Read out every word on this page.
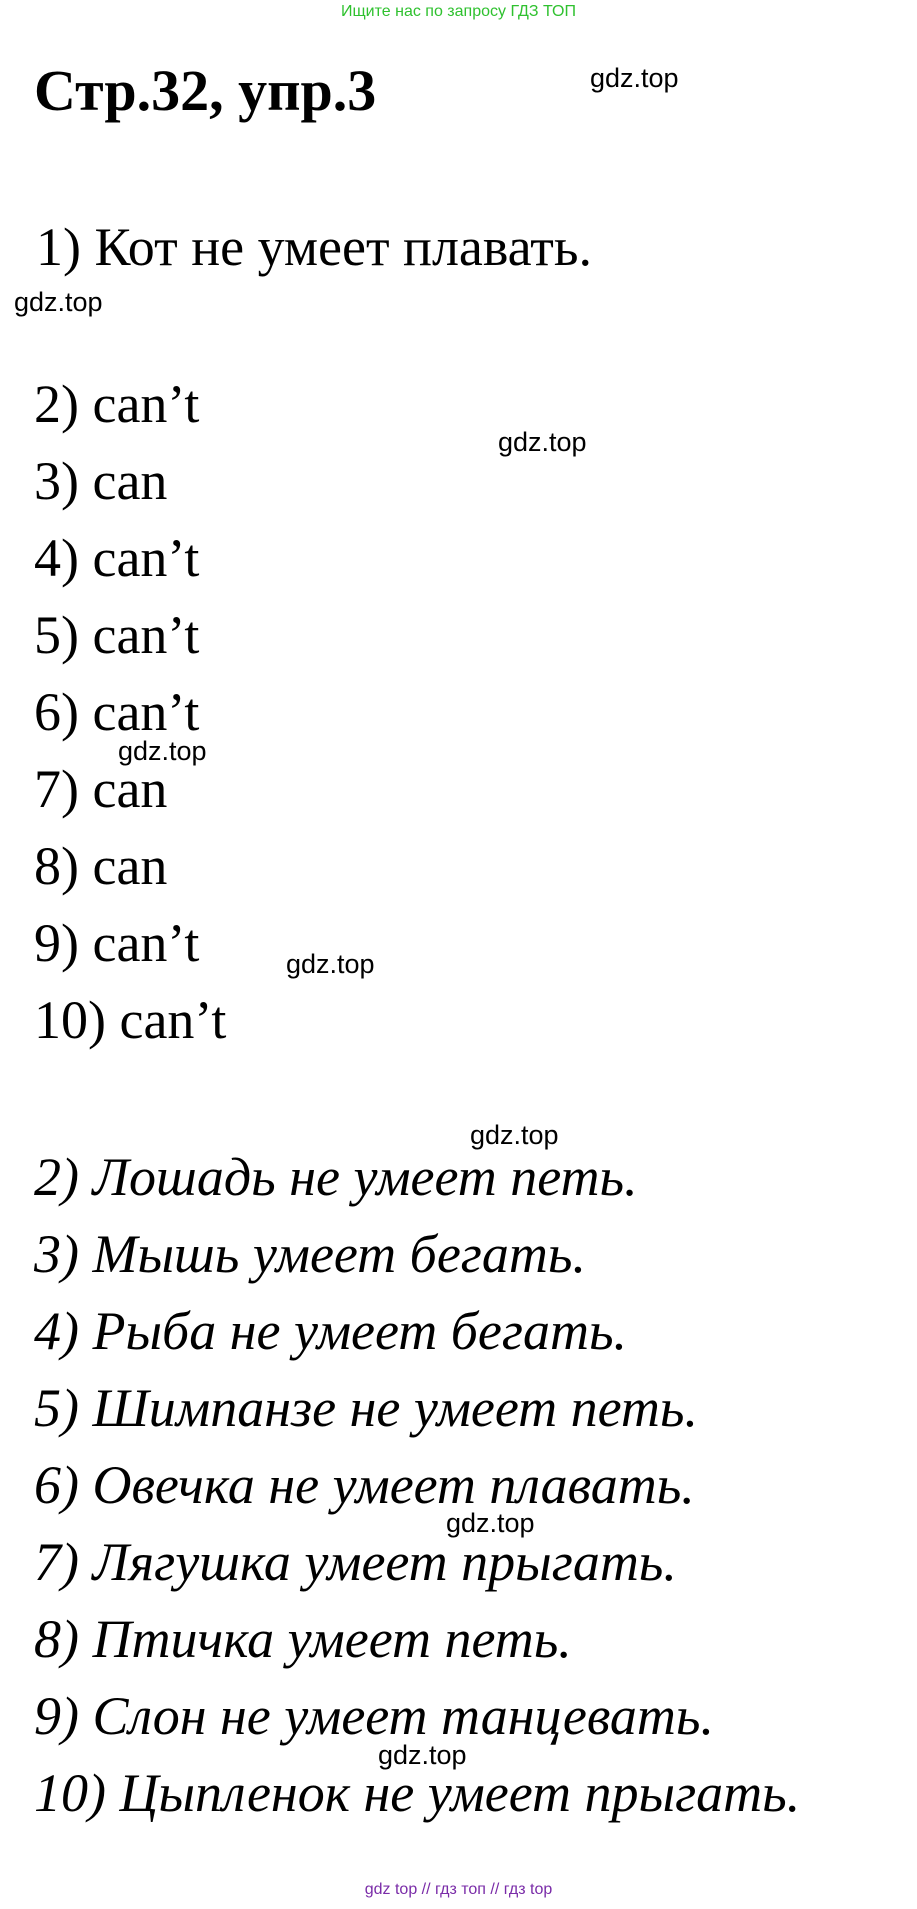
Ищите нас по запросу ГДЗ ТОП
Стр.32, упр.3
1) Кот не умеет плавать.
2) can’t
3) can
4) can’t
5) can’t
6) can’t
7) can
8) can
9) can’t
10) can’t
2) Лошадь не умеет петь.
3) Мышь умеет бегать.
4) Рыба не умеет бегать.
5) Шимпанзе не умеет петь.
6) Овечка не умеет плавать.
7) Лягушка умеет прыгать.
8) Птичка умеет петь.
9) Слон не умеет танцевать.
10) Цыпленок не умеет прыгать.
gdz.top
gdz.top
gdz.top
gdz.top
gdz.top
gdz.top
gdz.top
gdz.top
gdz top // гдз топ // гдз top
